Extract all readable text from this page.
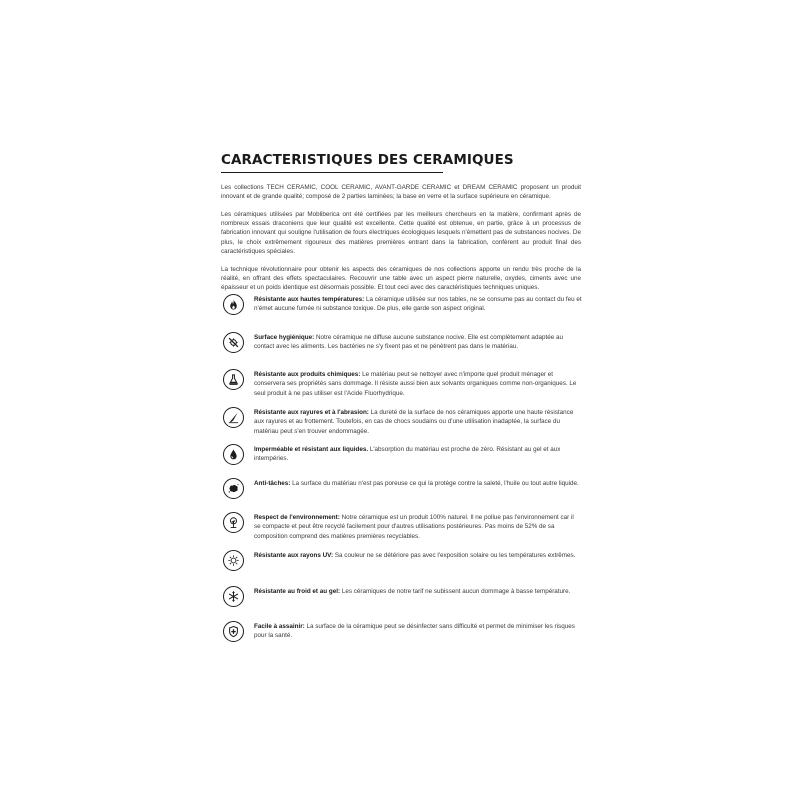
CARACTERISTIQUES DES CERAMIQUES

Les collections TECH CERAMIC, COOL CERAMIC, AVANT-GARDE CERAMIC et DREAM CERAMIC proposent un produit innovant et de grande qualité; composé de 2 parties laminées; la base en verre et la surface supérieure en céramique.

Les céramiques utilisées par Mobliberica ont été certifiées par les meilleurs chercheurs en la matière, confirmant après de nombreux essais draconiens que leur qualité est excellente. Cette qualité est obtenue, en partie, grâce à un processus de fabrication innovant qui souligne l'utilisation de fours électriques écologiques lesquels n'émettent pas de substances nocives. De plus, le choix extrêmement rigoureux des matières premières entrant dans la fabrication, confèrent au produit final des caractéristiques spéciales.

La technique révolutionnaire pour obtenir les aspects des céramiques de nos collections apporte un rendu très proche de la réalité, en offrant des effets spectaculaires. Recouvrir une table avec un aspect pierre naturelle, oxydes, ciments avec une épaisseur et un poids identique est désormais possible. Et tout ceci avec des caractéristiques techniques uniques.

Résistante aux hautes températures: La céramique utilisée sur nos tables, ne se consume pas au contact du feu et n'émet aucune fumée ni substance toxique. De plus, elle garde son aspect original.
Surface hygiénique: Notre céramique ne diffuse aucune substance nocive. Elle est complètement adaptée au contact avec les aliments. Les bactéries ne s'y fixent pas et ne pénètrent pas dans le matériau.
Résistante aux produits chimiques: Le matériau peut se nettoyer avec n'importe quel produit ménager et conservera ses propriétés sans dommage. Il résiste aussi bien aux solvants organiques comme non-organiques. Le seul produit à ne pas utiliser est l'Acide Fluorhydrique.
Résistante aux rayures et à l'abrasion: La dureté de la surface de nos céramiques apporte une haute résistance aux rayures et au frottement. Toutefois, en cas de chocs soudains ou d'une utilisation inadaptée, la surface du matériau peut s'en trouver endommagée.
Imperméable et résistant aux liquides. L'absorption du matériau est proche de zéro. Résistant au gel et aux intempéries.
Anti-tâches: La surface du matériau n'est pas poreuse ce qui la protège contre la saleté, l'huile ou tout autre liquide.
Respect de l'environnement: Notre céramique est un produit 100% naturel. Il ne pollue pas l'environnement car il se compacte et peut être recyclé facilement pour d'autres utilisations postérieures. Pas moins de 52% de sa composition comprend des matières premières recyclables.
Résistante aux rayons UV: Sa couleur ne se détériore pas avec l'exposition solaire ou les températures extrêmes.
Résistante au froid et au gel: Les céramiques de notre tarif ne subissent aucun dommage à basse température.
Facile à assainir: La surface de la céramique peut se désinfecter sans difficulté et permet de minimiser les risques pour la santé.
